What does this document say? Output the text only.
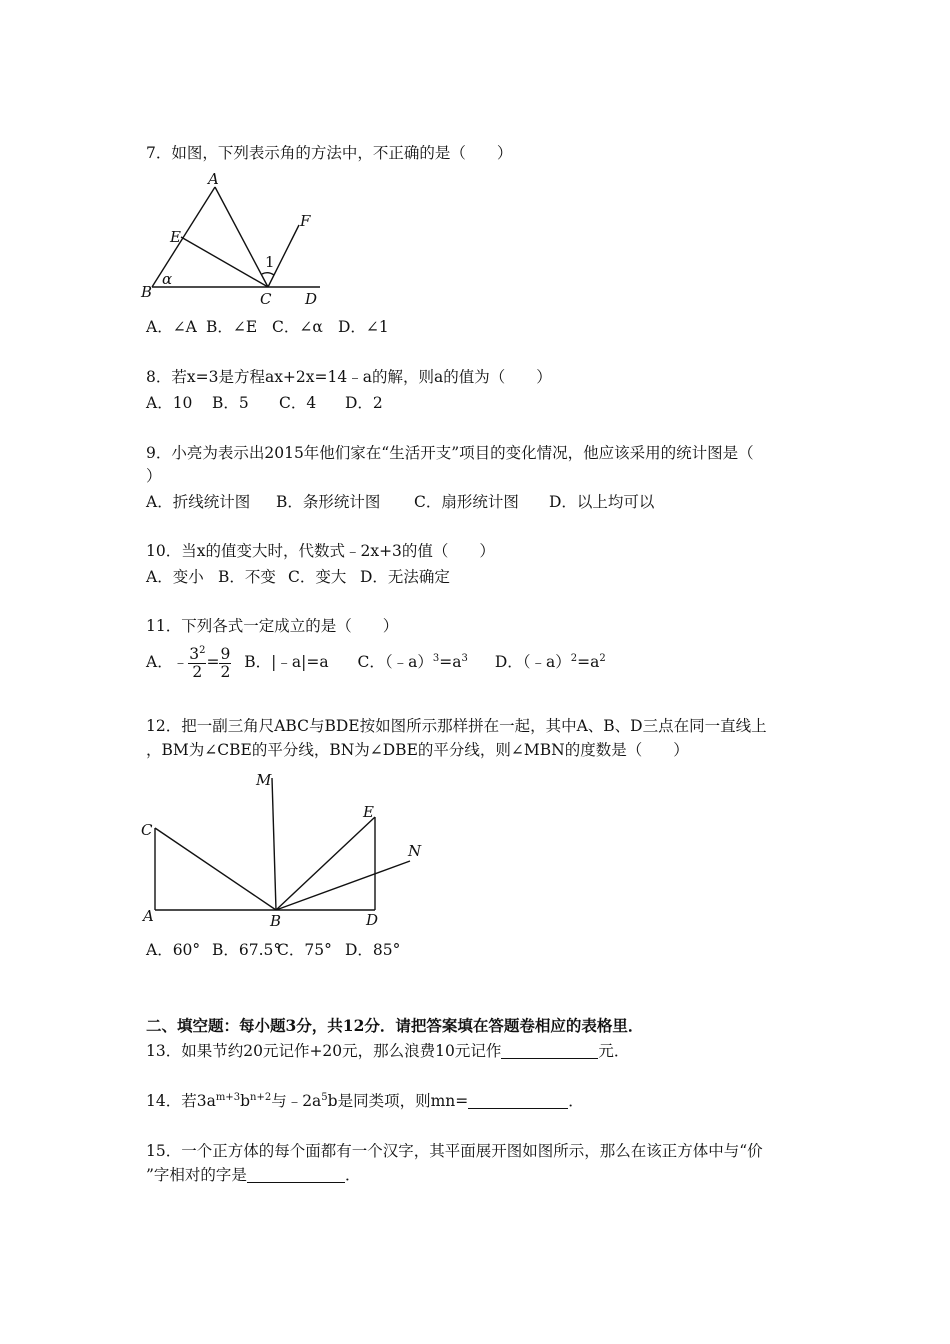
7．如图，下列表示角的方法中，不正确的是（　　）
A
E
F
1
α
B	C D
A．∠A B．∠E C．∠α D．∠1
8．若x=3是方程ax+2x=14﹣a的解，则a的值为（　　）
A．10 B．5 C．4 D．2
9．小亮为表示出2015年他们家在“生活开支”项目的变化情况，他应该采用的统计图是（
）
A．折线统计图 B．条形统计图 C．扇形统计图 D．以上均可以
10．当x的值变大时，代数式﹣2x+3的值（　　）
A．变小 B．不变 C．变大 D．无法确定
11．下列各式一定成立的是（　　）
A．﹣ $\frac{3^2}{2} = \frac{9}{2}$ B．|﹣a|=a C．$(﹣a)^3=a^3$ D．$(﹣a)^2=a^2$
12．把一副三角尺ABC与BDE按如图所示那样拼在一起，其中A、B、D三点在同一直线上
，BM为∠CBE的平分线，BN为∠DBE的平分线，则∠MBN的度数是（　　）
M
C
E
N
A	B	D
A．60° B．67.5°C．75° D．85°
二、填空题：每小题3分，共12分．请把答案填在答题卷相应的表格里．
13．如果节约20元记作+20元，那么浪费10元记作	元．
14．若$3a^{m+3}b^{n+2}$与$﹣2a^5b$是同类项，则mn=	．
15．一个正方体的每个面都有一个汉字，其平面展开图如图所示，那么在该正方体中与“价
”字相对的字是	．
